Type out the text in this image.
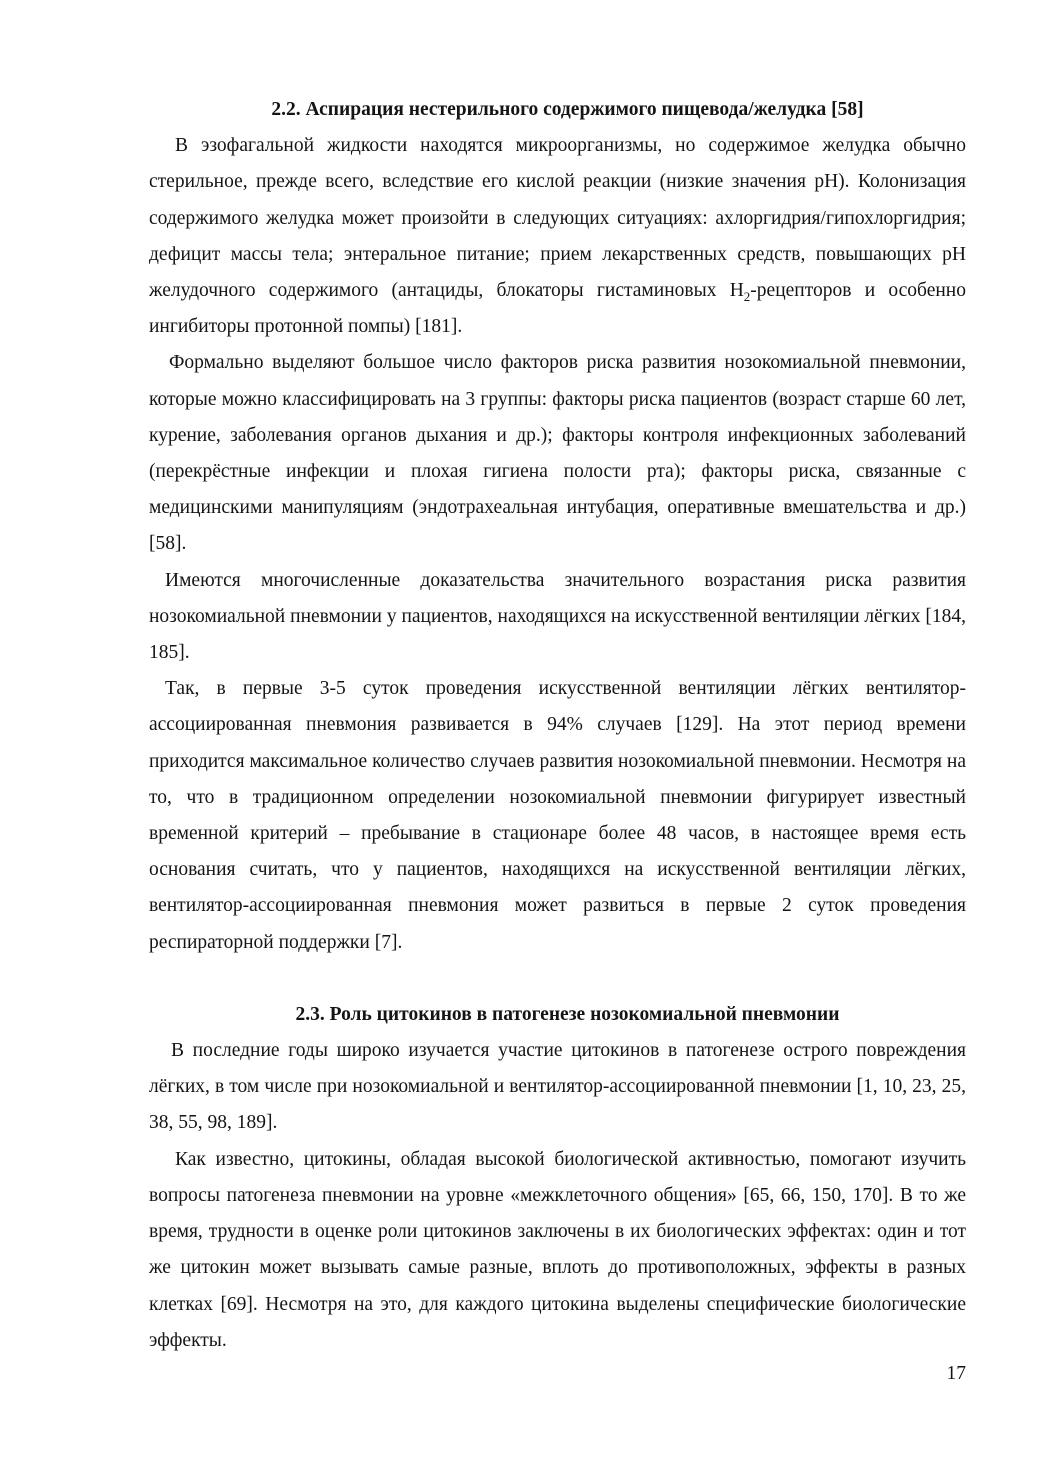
2.2. Аспирация нестерильного содержимого пищевода/желудка [58]

В эзофагальной жидкости находятся микроорганизмы, но содержимое желудка обычно стерильное, прежде всего, вследствие его кислой реакции (низкие значения pH). Колонизация содержимого желудка может произойти в следующих ситуациях: ахлоргидрия/гипохлоргидрия; дефицит массы тела; энтеральное питание; прием лекарственных средств, повышающих pH желудочного содержимого (антациды, блокаторы гистаминовых $H_2$-рецепторов и особенно ингибиторы протонной помпы) [181].

Формально выделяют большое число факторов риска развития нозокомиальной пневмонии, которые можно классифицировать на 3 группы: факторы риска пациентов (возраст старше 60 лет, курение, заболевания органов дыхания и др.); факторы контроля инфекционных заболеваний (перекрёстные инфекции и плохая гигиена полости рта); факторы риска, связанные с медицинскими манипуляциям (эндотрахеальная интубация, оперативные вмешательства и др.) [58].

Имеются многочисленные доказательства значительного возрастания риска развития нозокомиальной пневмонии у пациентов, находящихся на искусственной вентиляции лёгких [184, 185].

Так, в первые 3-5 суток проведения искусственной вентиляции лёгких вентилятор-ассоциированная пневмония развивается в 94% случаев [129]. На этот период времени приходится максимальное количество случаев развития нозокомиальной пневмонии. Несмотря на то, что в традиционном определении нозокомиальной пневмонии фигурирует известный временной критерий – пребывание в стационаре более 48 часов, в настоящее время есть основания считать, что у пациентов, находящихся на искусственной вентиляции лёгких, вентилятор-ассоциированная пневмония может развиться в первые 2 суток проведения респираторной поддержки [7].

2.3. Роль цитокинов в патогенезе нозокомиальной пневмонии

В последние годы широко изучается участие цитокинов в патогенезе острого повреждения лёгких, в том числе при нозокомиальной и вентилятор-ассоциированной пневмонии [1, 10, 23, 25, 38, 55, 98, 189].

Как известно, цитокины, обладая высокой биологической активностью, помогают изучить вопросы патогенеза пневмонии на уровне «межклеточного общения» [65, 66, 150, 170]. В то же время, трудности в оценке роли цитокинов заключены в их биологических эффектах: один и тот же цитокин может вызывать самые разные, вплоть до противоположных, эффекты в разных клетках [69]. Несмотря на это, для каждого цитокина выделены специфические биологические эффекты.

17
